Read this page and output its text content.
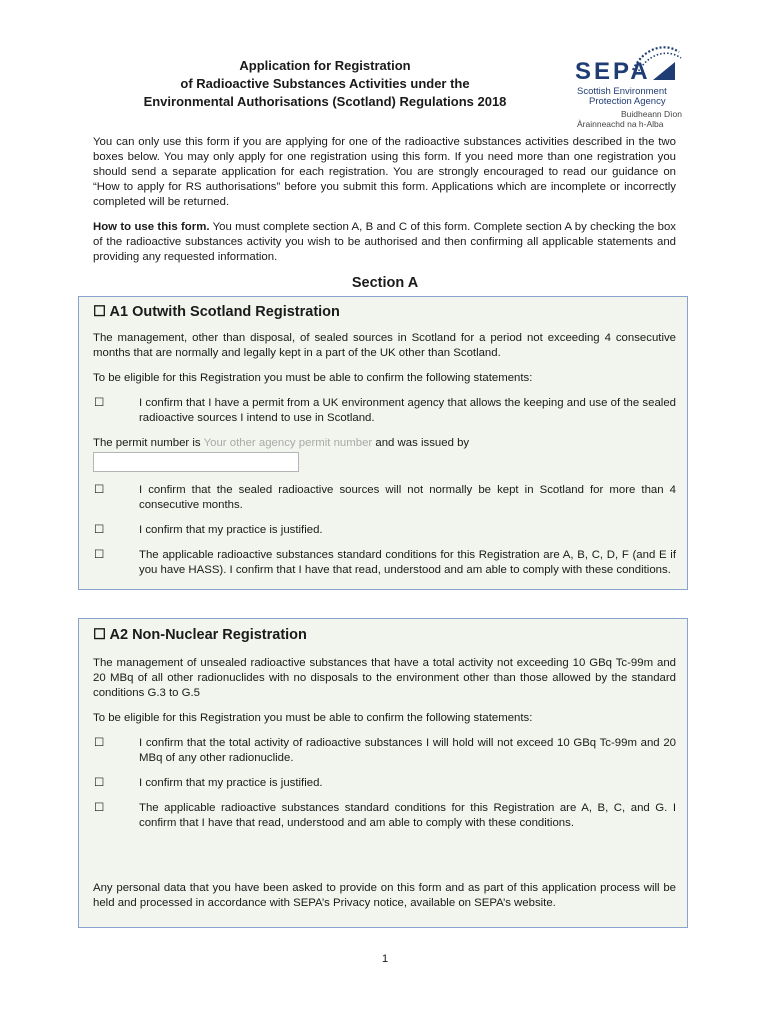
Application for Registration
of Radioactive Substances Activities under the
Environmental Authorisations (Scotland) Regulations 2018
SEPA
Scottish Environment
Protection Agency
Buidheann Dìon
Àrainneachd na h-Alba
You can only use this form if you are applying for one of the radioactive substances activities described in the two boxes below. You may only apply for one registration using this form. If you need more than one registration you should send a separate application for each registration. You are strongly encouraged to read our guidance on “How to apply for RS authorisations” before you submit this form. Applications which are incomplete or incorrectly completed will be returned.
How to use this form. You must complete section A, B and C of this form. Complete section A by checking the box of the radioactive substances activity you wish to be authorised and then confirming all applicable statements and providing any requested information.
Section A
☐ A1 Outwith Scotland Registration
The management, other than disposal, of sealed sources in Scotland for a period not exceeding 4 consecutive months that are normally and legally kept in a part of the UK other than Scotland.
To be eligible for this Registration you must be able to confirm the following statements:
☐	I confirm that I have a permit from a UK environment agency that allows the keeping and use of the sealed radioactive sources I intend to use in Scotland.
The permit number is Your other agency permit number and was issued by
☐	I confirm that the sealed radioactive sources will not normally be kept in Scotland for more than 4 consecutive months.
☐	I confirm that my practice is justified.
☐	The applicable radioactive substances standard conditions for this Registration are A, B, C, D, F (and E if you have HASS). I confirm that I have that read, understood and am able to comply with these conditions.
☐ A2 Non-Nuclear Registration
The management of unsealed radioactive substances that have a total activity not exceeding 10 GBq Tc-99m and 20 MBq of all other radionuclides with no disposals to the environment other than those allowed by the standard conditions G.3 to G.5
To be eligible for this Registration you must be able to confirm the following statements:
☐	I confirm that the total activity of radioactive substances I will hold will not exceed 10 GBq Tc-99m and 20 MBq of any other radionuclide.
☐	I confirm that my practice is justified.
☐	The applicable radioactive substances standard conditions for this Registration are A, B, C, and G. I confirm that I have that read, understood and am able to comply with these conditions.
Any personal data that you have been asked to provide on this form and as part of this application process will be held and processed in accordance with SEPA’s Privacy notice, available on SEPA’s website.
1
